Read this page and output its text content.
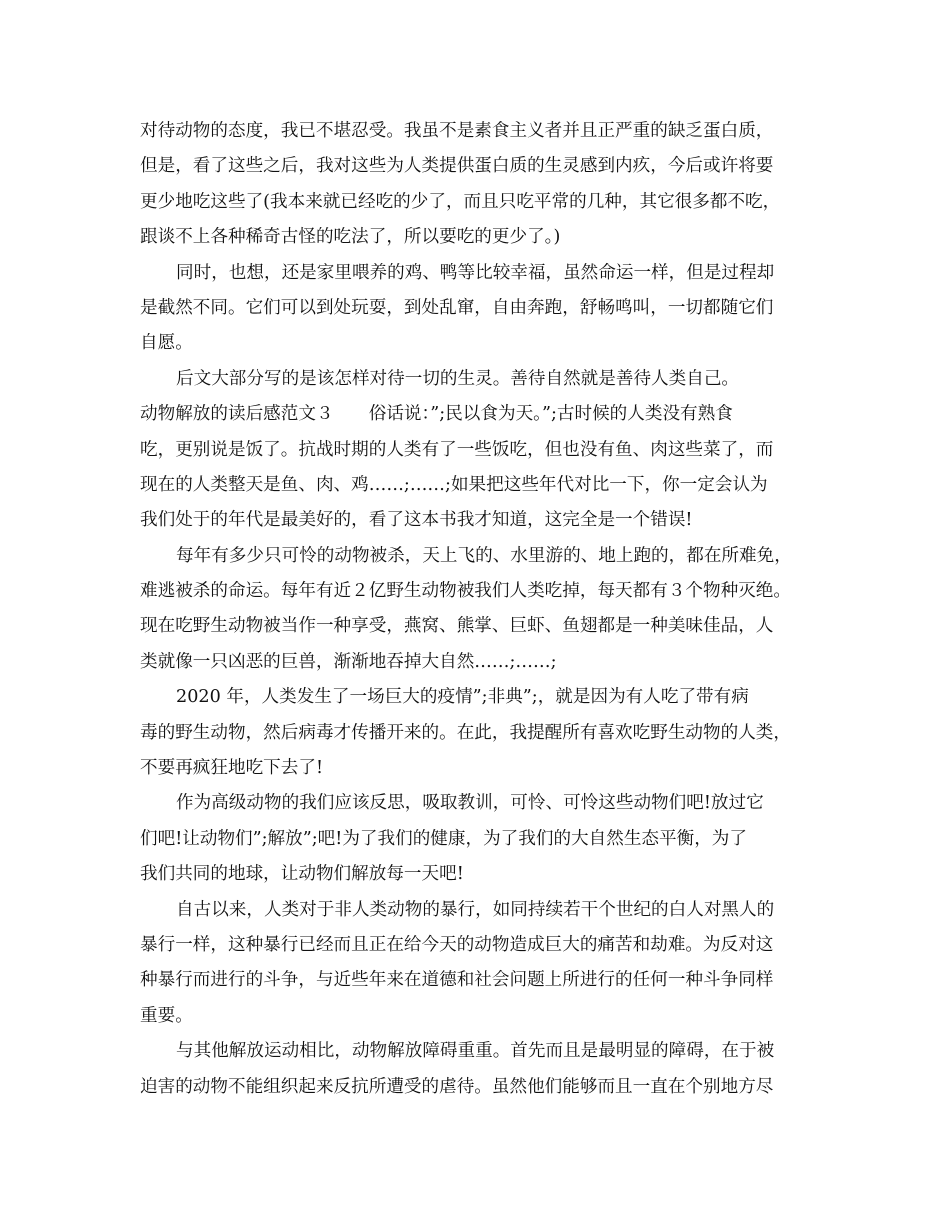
对待动物的态度，我已不堪忍受。我虽不是素食主义者并且正严重的缺乏蛋白质，
但是，看了这些之后，我对这些为人类提供蛋白质的生灵感到内疚，今后或许将要
更少地吃这些了(我本来就已经吃的少了，而且只吃平常的几种，其它很多都不吃，
跟谈不上各种稀奇古怪的吃法了，所以要吃的更少了。)
同时，也想，还是家里喂养的鸡、鸭等比较幸福，虽然命运一样，但是过程却
是截然不同。它们可以到处玩耍，到处乱窜，自由奔跑，舒畅鸣叫，一切都随它们
自愿。
后文大部分写的是该怎样对待一切的生灵。善待自然就是善待人类自己。
动物解放的读后感范文３　　俗话说：”;民以食为天。”;古时候的人类没有熟食
吃，更别说是饭了。抗战时期的人类有了一些饭吃，但也没有鱼、肉这些菜了，而
现在的人类整天是鱼、肉、鸡……;……;如果把这些年代对比一下，你一定会认为
我们处于的年代是最美好的，看了这本书我才知道，这完全是一个错误!
每年有多少只可怜的动物被杀，天上飞的、水里游的、地上跑的，都在所难免，
难逃被杀的命运。每年有近２亿野生动物被我们人类吃掉，每天都有３个物种灭绝。
现在吃野生动物被当作一种享受，燕窝、熊掌、巨虾、鱼翅都是一种美味佳品，人
类就像一只凶恶的巨兽，渐渐地吞掉大自然……;……;
2020 年，人类发生了一场巨大的疫情”;非典”;，就是因为有人吃了带有病
毒的野生动物，然后病毒才传播开来的。在此，我提醒所有喜欢吃野生动物的人类，
不要再疯狂地吃下去了!
作为高级动物的我们应该反思，吸取教训，可怜、可怜这些动物们吧!放过它
们吧!让动物们”;解放”;吧!为了我们的健康，为了我们的大自然生态平衡，为了
我们共同的地球，让动物们解放每一天吧!
自古以来，人类对于非人类动物的暴行，如同持续若干个世纪的白人对黑人的
暴行一样，这种暴行已经而且正在给今天的动物造成巨大的痛苦和劫难。为反对这
种暴行而进行的斗争，与近些年来在道德和社会问题上所进行的任何一种斗争同样
重要。
与其他解放运动相比，动物解放障碍重重。首先而且是最明显的障碍，在于被
迫害的动物不能组织起来反抗所遭受的虐待。虽然他们能够而且一直在个别地方尽
